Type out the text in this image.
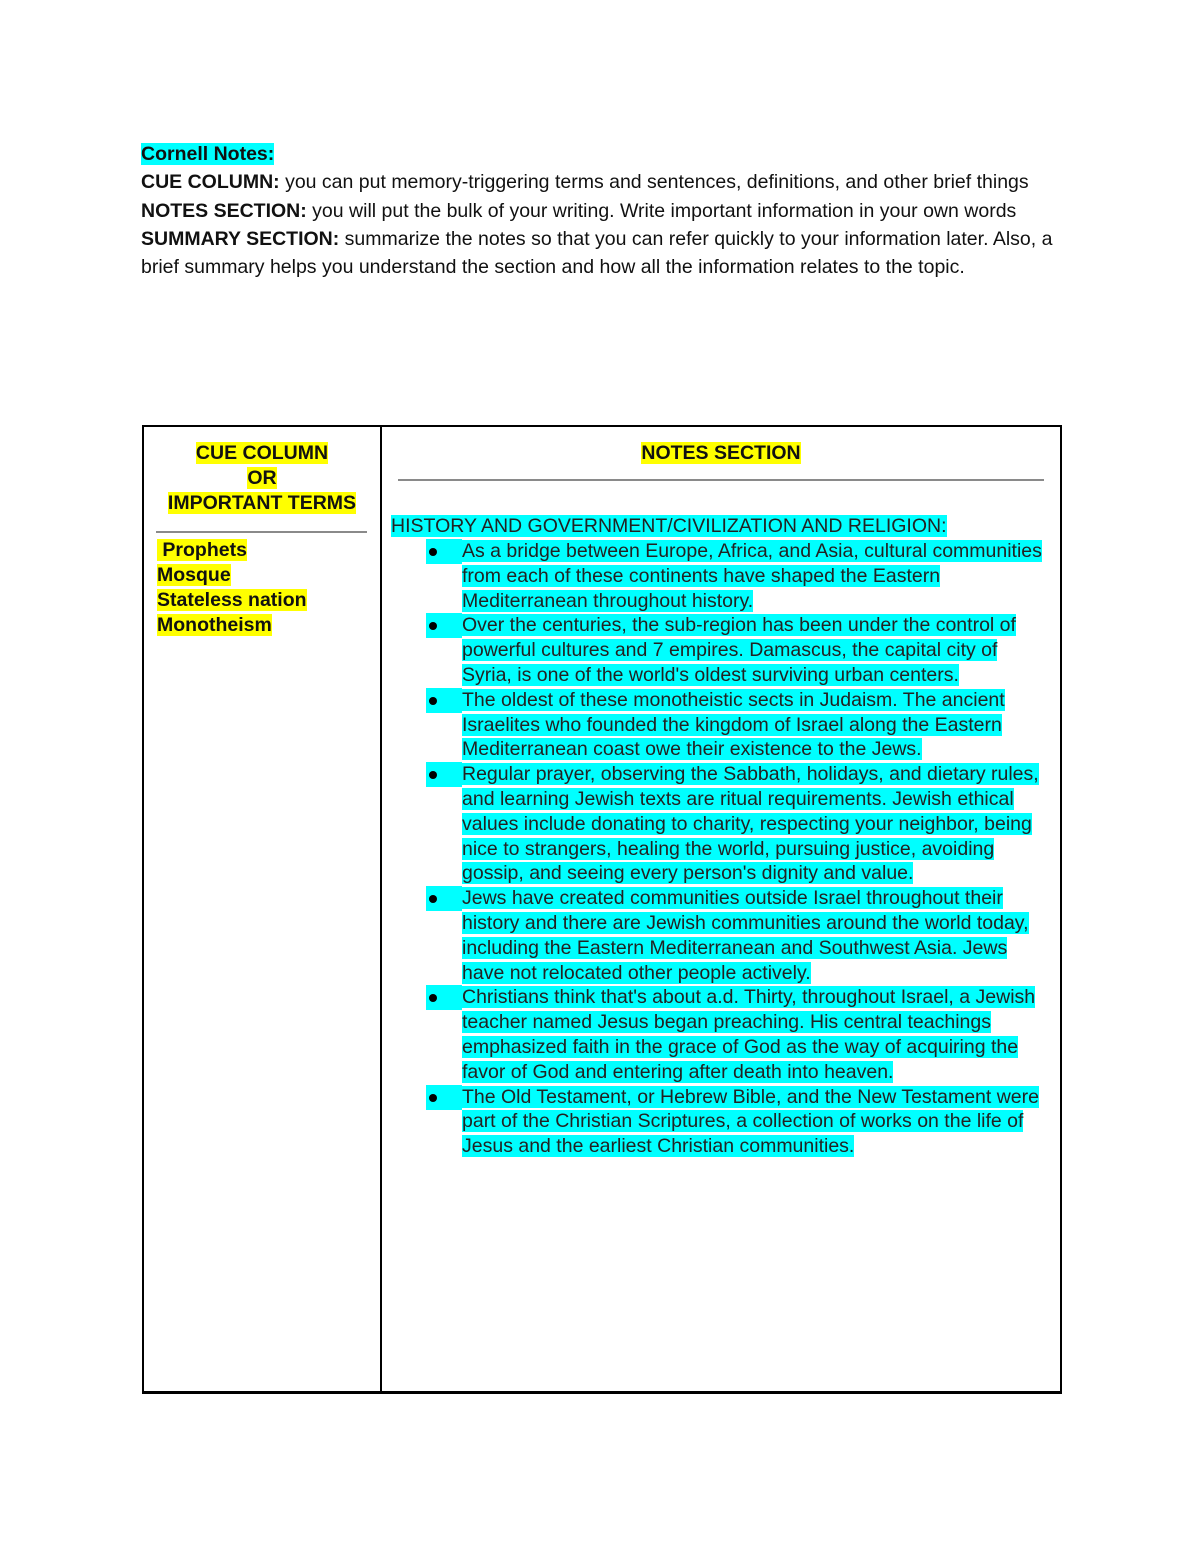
Cornell Notes:

CUE COLUMN: you can put memory-triggering terms and sentences, definitions, and other brief things

NOTES SECTION: you will put the bulk of your writing. Write important information in your own words

SUMMARY SECTION: summarize the notes so that you can refer quickly to your information later. Also, a brief summary helps you understand the section and how all the information relates to the topic.

CUE COLUMN
OR
IMPORTANT TERMS
Prophets
Mosque
Stateless nation
Monotheism
NOTES SECTION
HISTORY AND GOVERNMENT/CIVILIZATION AND RELIGION:
As a bridge between Europe, Africa, and Asia, cultural communities from each of these continents have shaped the Eastern Mediterranean throughout history.
Over the centuries, the sub-region has been under the control of powerful cultures and 7 empires. Damascus, the capital city of Syria, is one of the world's oldest surviving urban centers.
The oldest of these monotheistic sects in Judaism. The ancient Israelites who founded the kingdom of Israel along the Eastern Mediterranean coast owe their existence to the Jews.
Regular prayer, observing the Sabbath, holidays, and dietary rules, and learning Jewish texts are ritual requirements. Jewish ethical values include donating to charity, respecting your neighbor, being nice to strangers, healing the world, pursuing justice, avoiding gossip, and seeing every person's dignity and value.
Jews have created communities outside Israel throughout their history and there are Jewish communities around the world today, including the Eastern Mediterranean and Southwest Asia. Jews have not relocated other people actively.
Christians think that's about a.d. Thirty, throughout Israel, a Jewish teacher named Jesus began preaching. His central teachings emphasized faith in the grace of God as the way of acquiring the favor of God and entering after death into heaven.
The Old Testament, or Hebrew Bible, and the New Testament were part of the Christian Scriptures, a collection of works on the life of Jesus and the earliest Christian communities.
